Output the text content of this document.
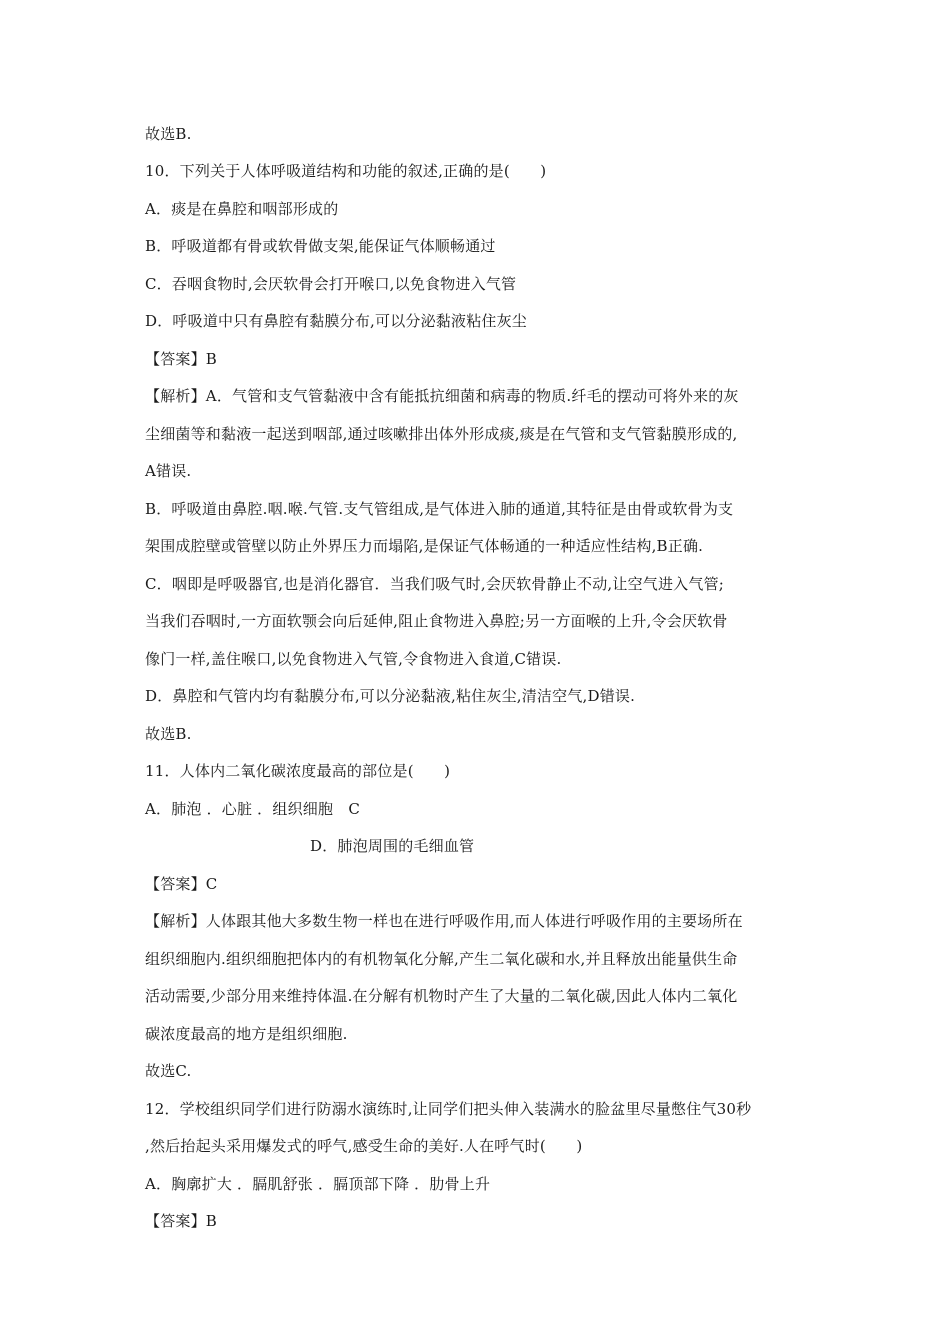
故选B.
10．下列关于人体呼吸道结构和功能的叙述,正确的是(　　)
A．痰是在鼻腔和咽部形成的
B．呼吸道都有骨或软骨做支架,能保证气体顺畅通过
C．吞咽食物时,会厌软骨会打开喉口,以免食物进入气管
D．呼吸道中只有鼻腔有黏膜分布,可以分泌黏液粘住灰尘
【答案】B
【解析】A．气管和支气管黏液中含有能抵抗细菌和病毒的物质.纤毛的摆动可将外来的灰
尘细菌等和黏液一起送到咽部,通过咳嗽排出体外形成痰,痰是在气管和支气管黏膜形成的,
A错误.
B．呼吸道由鼻腔.咽.喉.气管.支气管组成,是气体进入肺的通道,其特征是由骨或软骨为支
架围成腔壁或管壁以防止外界压力而塌陷,是保证气体畅通的一种适应性结构,B正确.
C．咽即是呼吸器官,也是消化器官．当我们吸气时,会厌软骨静止不动,让空气进入气管;
当我们吞咽时,一方面软颚会向后延伸,阻止食物进入鼻腔;另一方面喉的上升,令会厌软骨
像门一样,盖住喉口,以免食物进入气管,令食物进入食道,C错误.
D．鼻腔和气管内均有黏膜分布,可以分泌黏液,粘住灰尘,清洁空气,D错误.
故选B.
11．人体内二氧化碳浓度最高的部位是(　　)
A．肺泡 ．心脏 ．组织细胞　C
D．肺泡周围的毛细血管
【答案】C
【解析】人体跟其他大多数生物一样也在进行呼吸作用,而人体进行呼吸作用的主要场所在
组织细胞内.组织细胞把体内的有机物氧化分解,产生二氧化碳和水,并且释放出能量供生命
活动需要,少部分用来维持体温.在分解有机物时产生了大量的二氧化碳,因此人体内二氧化
碳浓度最高的地方是组织细胞.
故选C.
12．学校组织同学们进行防溺水演练时,让同学们把头伸入装满水的脸盆里尽量憋住气30秒
,然后抬起头采用爆发式的呼气,感受生命的美好.人在呼气时(　　)
A．胸廓扩大 ．膈肌舒张 ．膈顶部下降 ．肋骨上升
【答案】B
